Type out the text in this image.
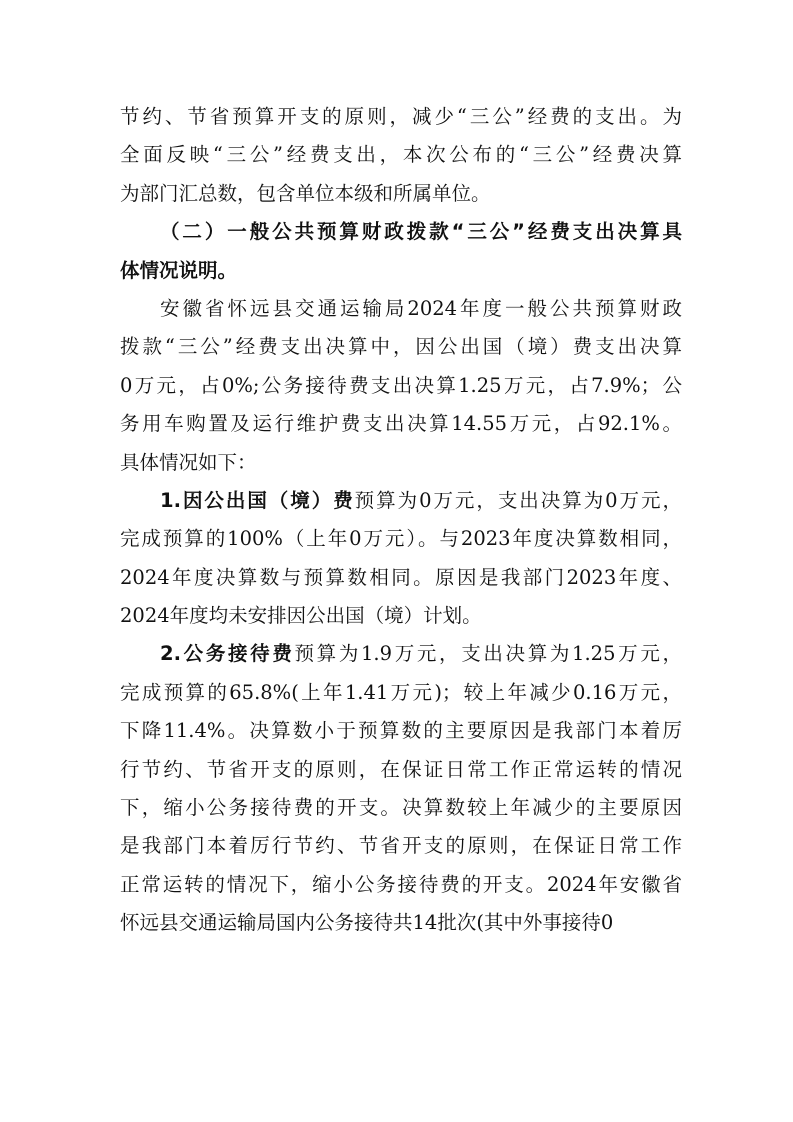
节约、节省预算开支的原则，减少“三公”经费的支出。为
全面反映“三公”经费支出，本次公布的“三公”经费决算
为部门汇总数，包含单位本级和所属单位。
（二）一般公共预算财政拨款“三公”经费支出决算具
体情况说明。
安徽省怀远县交通运输局2024年度一般公共预算财政
拨款“三公”经费支出决算中，因公出国（境）费支出决算
0万元，占0%;公务接待费支出决算1.25万元，占7.9%；公
务用车购置及运行维护费支出决算14.55万元，占92.1%。
具体情况如下：
1.因公出国（境）费预算为0万元，支出决算为0万元，
完成预算的100%（上年0万元）。与2023年度决算数相同，
2024年度决算数与预算数相同。原因是我部门2023年度、
2024年度均未安排因公出国（境）计划。
2.公务接待费预算为1.9万元，支出决算为1.25万元，
完成预算的65.8%(上年1.41万元)；较上年减少0.16万元，
下降11.4%。决算数小于预算数的主要原因是我部门本着厉
行节约、节省开支的原则，在保证日常工作正常运转的情况
下，缩小公务接待费的开支。决算数较上年减少的主要原因
是我部门本着厉行节约、节省开支的原则，在保证日常工作
正常运转的情况下，缩小公务接待费的开支。2024年安徽省
怀远县交通运输局国内公务接待共14批次(其中外事接待0
